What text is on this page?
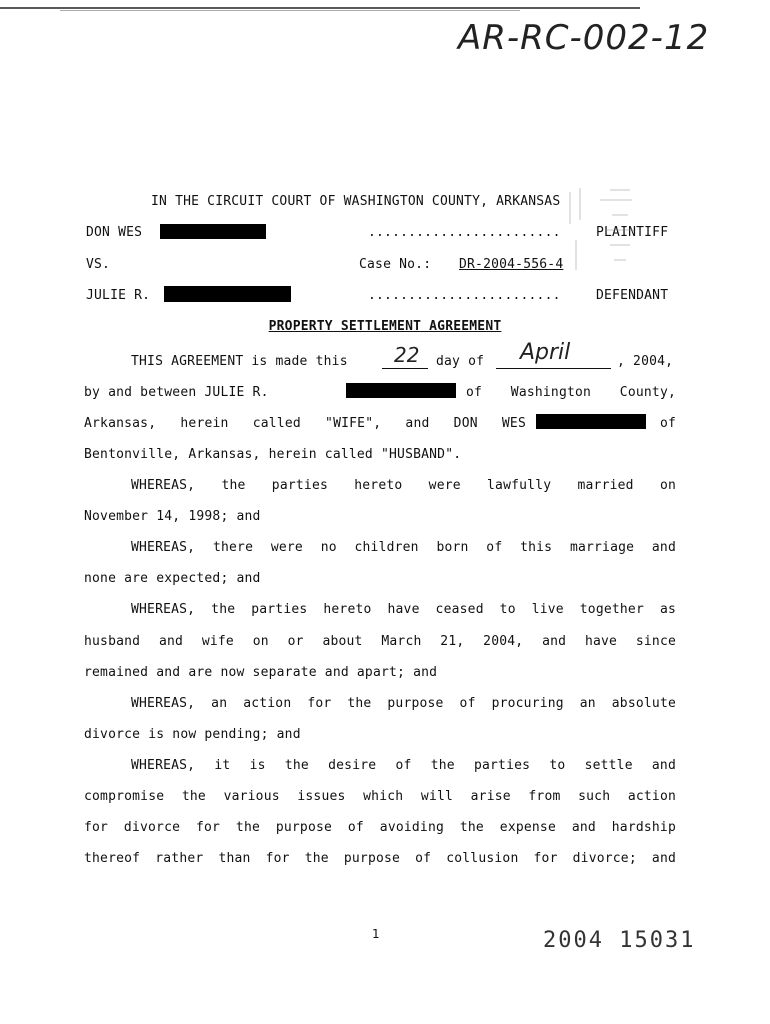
AR-RC-002-12
IN THE CIRCUIT COURT OF WASHINGTON COUNTY, ARKANSAS
DON WES	........................	PLAINTIFF
VS.	Case No.: DR-2004-556-4
JULIE R.	........................	DEFENDANT
PROPERTY SETTLEMENT AGREEMENT
THIS AGREEMENT is made this 22 day of April	, 2004,
by and between JULIE R.	of Washington County,
Arkansas, herein called "WIFE", and DON WES	of
Bentonville, Arkansas, herein called "HUSBAND".
WHEREAS, the parties hereto were lawfully married on
November 14, 1998; and
WHEREAS, there were no children born of this marriage and
none are expected; and
WHEREAS, the parties hereto have ceased to live together as
husband and wife on or about March 21, 2004, and have since
remained and are now separate and apart; and
WHEREAS, an action for the purpose of procuring an absolute
divorce is now pending; and
WHEREAS, it is the desire of the parties to settle and
compromise the various issues which will arise from such action
for divorce for the purpose of avoiding the expense and hardship
thereof rather than for the purpose of collusion for divorce; and
1	2004 15031
